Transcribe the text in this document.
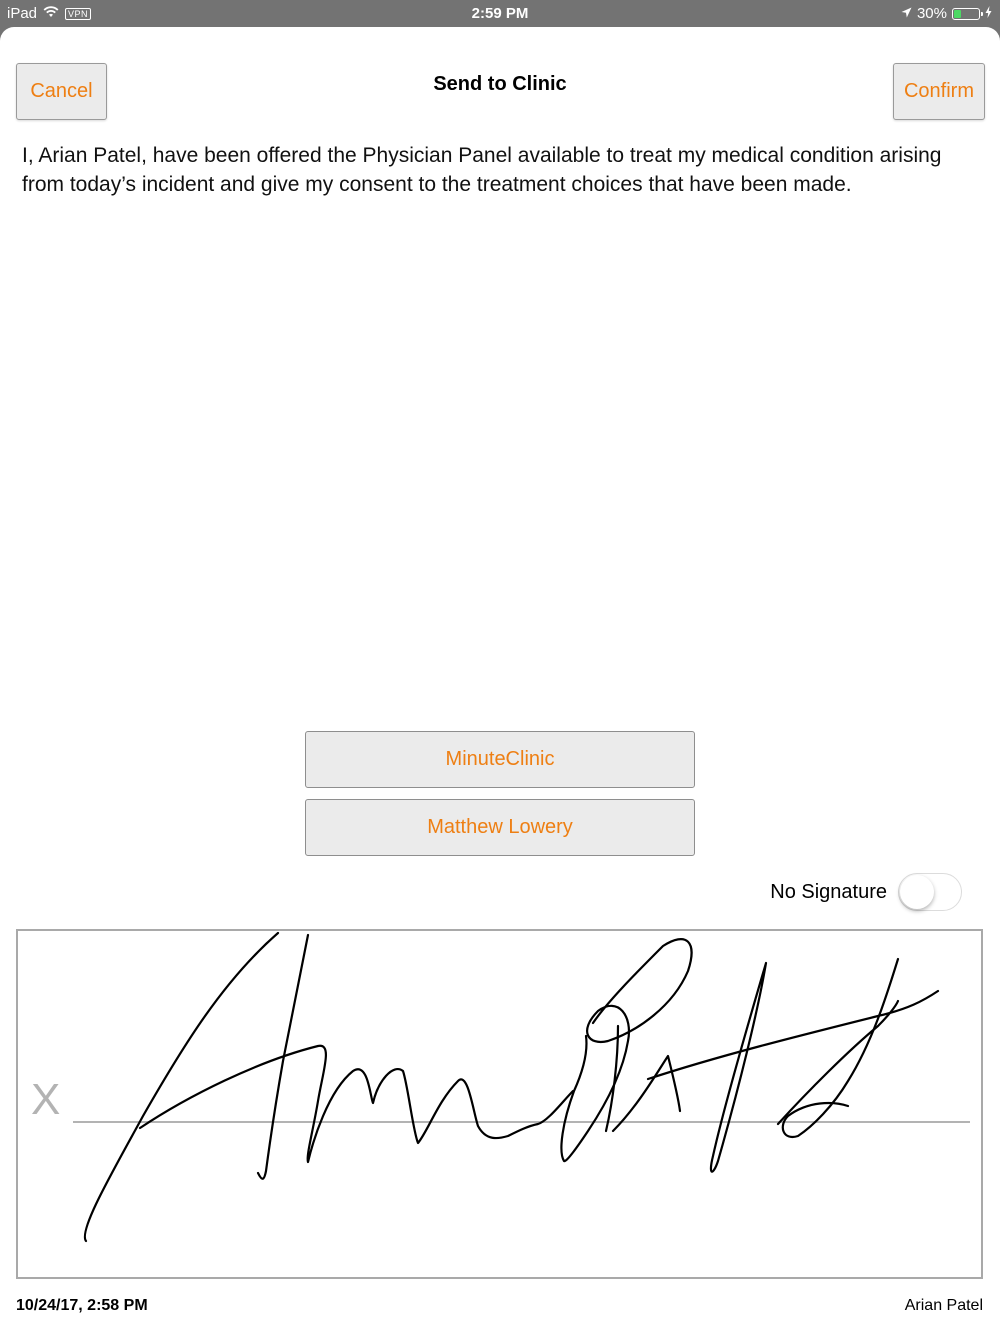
iPad	VPN	2:59 PM	30%
Cancel	Send to Clinic	Confirm
I, Arian Patel, have been offered the Physician Panel available to treat my medical condition arising from today’s incident and give my consent to the treatment choices that have been made.
MinuteClinic
Matthew Lowery
No Signature
X
10/24/17, 2:58 PM	Arian Patel
